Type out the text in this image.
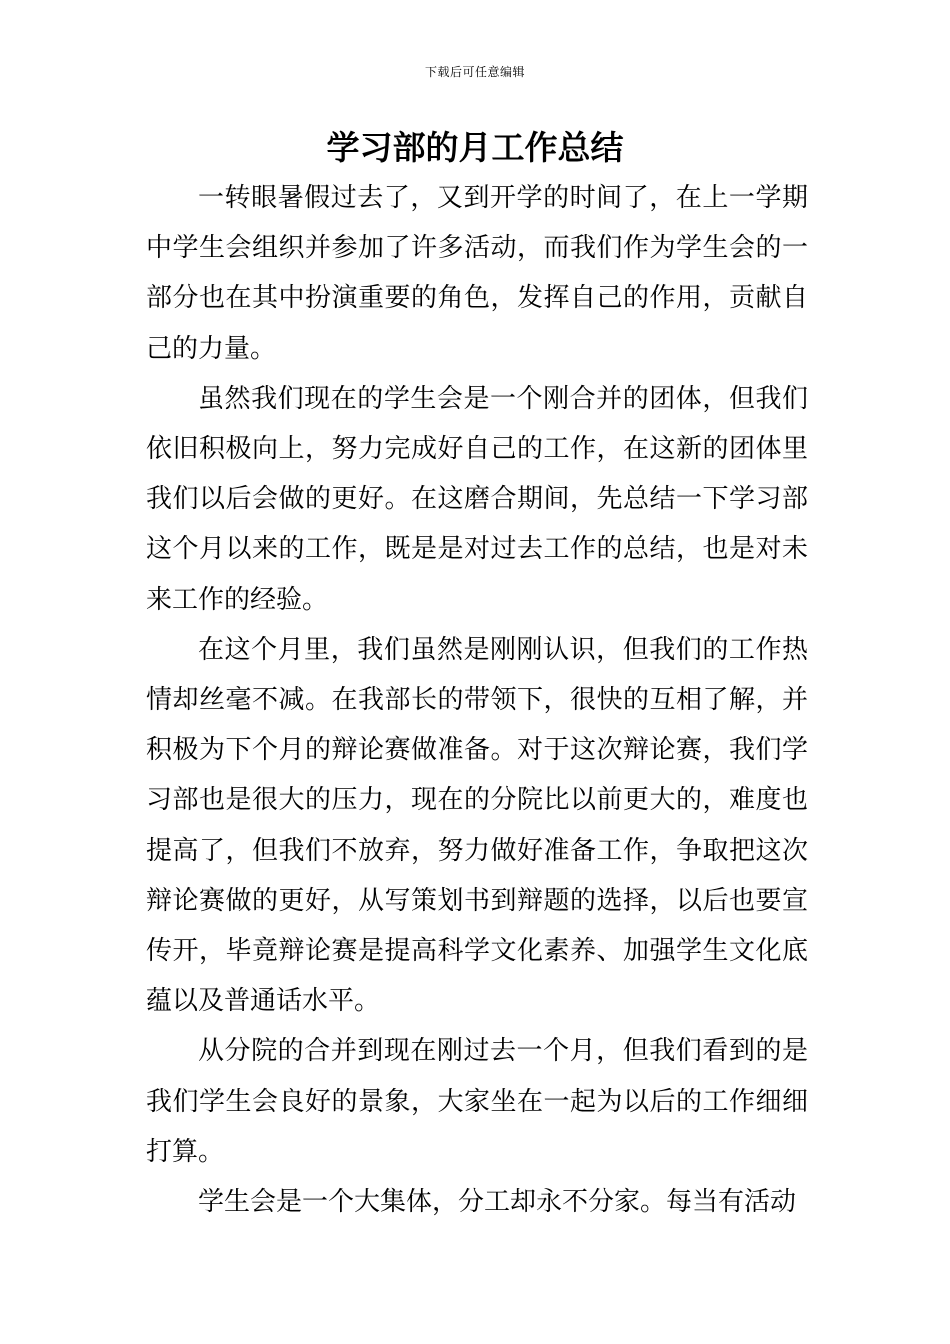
下载后可任意编辑
学习部的月工作总结

一转眼暑假过去了，又到开学的时间了，在上一学期中学生会组织并参加了许多活动，而我们作为学生会的一部分也在其中扮演重要的角色，发挥自己的作用，贡献自己的力量。

虽然我们现在的学生会是一个刚合并的团体，但我们依旧积极向上，努力完成好自己的工作，在这新的团体里我们以后会做的更好。在这磨合期间，先总结一下学习部这个月以来的工作，既是是对过去工作的总结，也是对未来工作的经验。

在这个月里，我们虽然是刚刚认识，但我们的工作热情却丝毫不减。在我部长的带领下，很快的互相了解，并积极为下个月的辩论赛做准备。对于这次辩论赛，我们学习部也是很大的压力，现在的分院比以前更大的，难度也提高了，但我们不放弃，努力做好准备工作，争取把这次辩论赛做的更好，从写策划书到辩题的选择，以后也要宣传开，毕竟辩论赛是提高科学文化素养、加强学生文化底蕴以及普通话水平。

从分院的合并到现在刚过去一个月，但我们看到的是我们学生会良好的景象，大家坐在一起为以后的工作细细打算。

学生会是一个大集体，分工却永不分家。每当有活动
